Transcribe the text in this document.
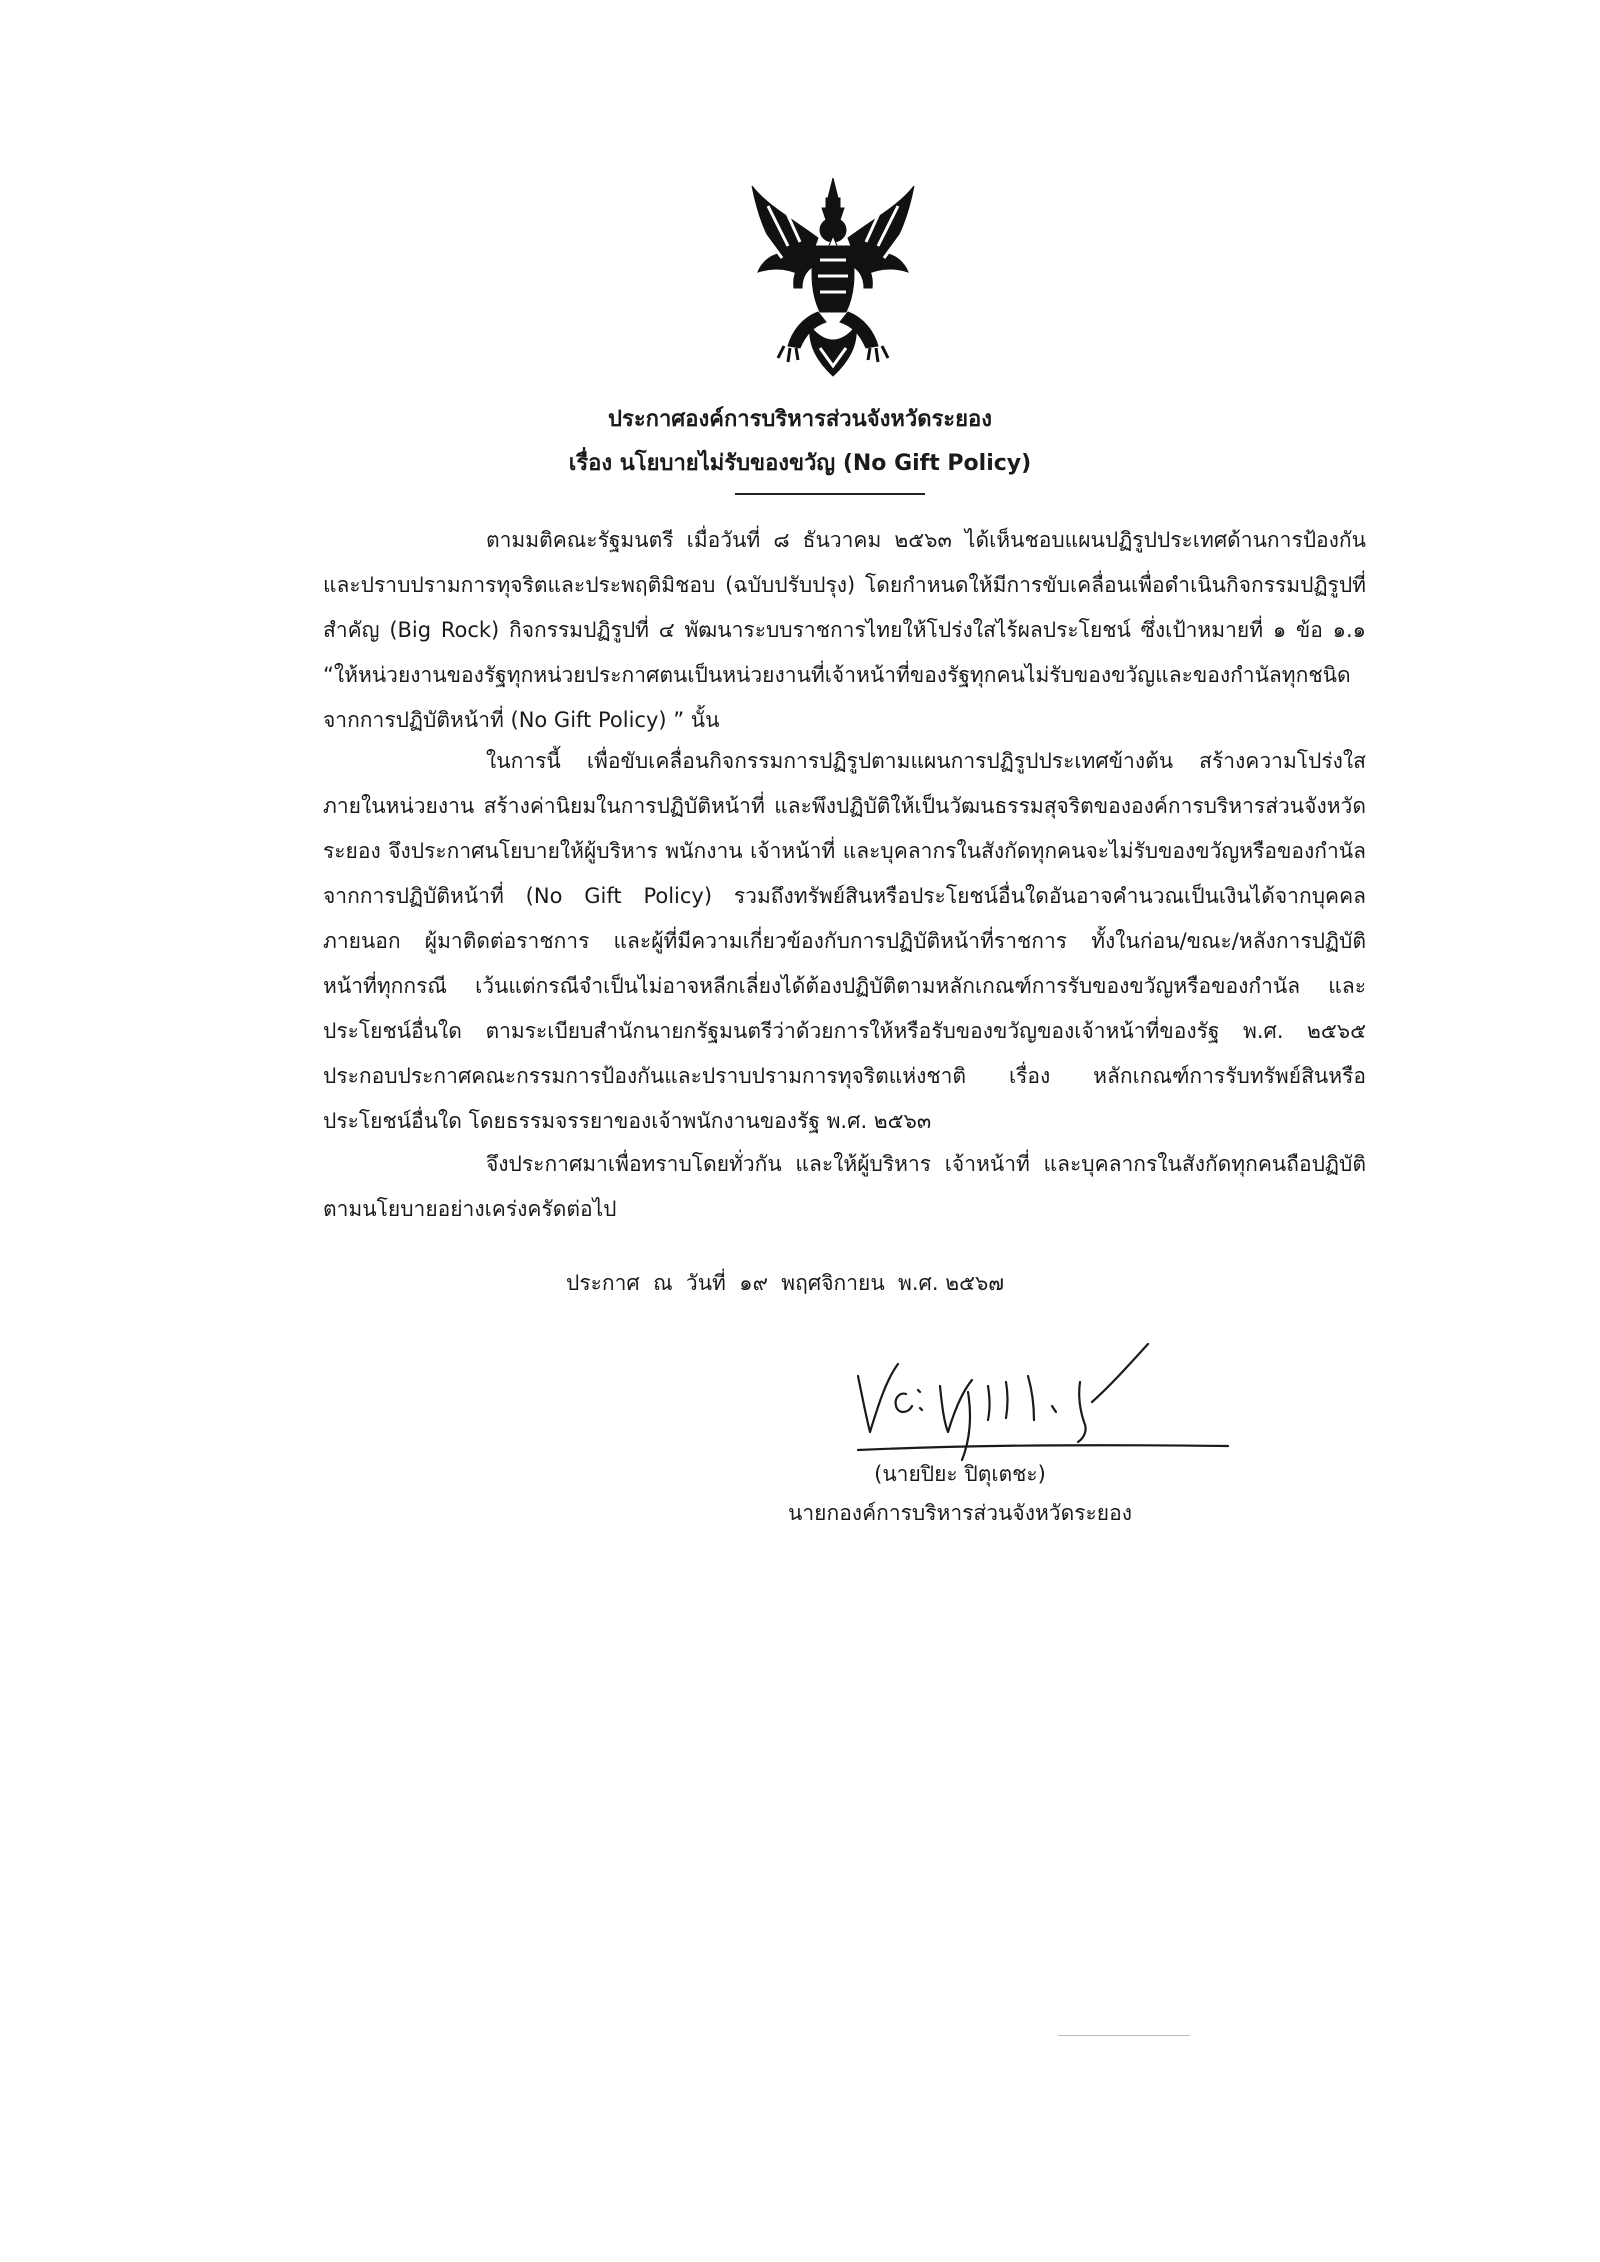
ประกาศองค์การบริหารส่วนจังหวัดระยอง
เรื่อง นโยบายไม่รับของขวัญ (No Gift Policy)

ตามมติคณะรัฐมนตรี เมื่อวันที่ ๘ ธันวาคม ๒๕๖๓ ได้เห็นชอบแผนปฏิรูปประเทศด้านการป้องกันและปราบปรามการทุจริตและประพฤติมิชอบ (ฉบับปรับปรุง) โดยกำหนดให้มีการขับเคลื่อนเพื่อดำเนินกิจกรรมปฏิรูปที่สำคัญ (Big Rock) กิจกรรมปฏิรูปที่ ๔ พัฒนาระบบราชการไทยให้โปร่งใสไร้ผลประโยชน์ ซึ่งเป้าหมายที่ ๑ ข้อ ๑.๑ “ให้หน่วยงานของรัฐทุกหน่วยประกาศตนเป็นหน่วยงานที่เจ้าหน้าที่ของรัฐทุกคนไม่รับของขวัญและของกำนัลทุกชนิดจากการปฏิบัติหน้าที่ (No Gift Policy) ” นั้น

ในการนี้ เพื่อขับเคลื่อนกิจกรรมการปฏิรูปตามแผนการปฏิรูปประเทศข้างต้น สร้างความโปร่งใสภายในหน่วยงาน สร้างค่านิยมในการปฏิบัติหน้าที่ และพึงปฏิบัติให้เป็นวัฒนธรรมสุจริตขององค์การบริหารส่วนจังหวัดระยอง จึงประกาศนโยบายให้ผู้บริหาร พนักงาน เจ้าหน้าที่ และบุคลากรในสังกัดทุกคนจะไม่รับของขวัญหรือของกำนัลจากการปฏิบัติหน้าที่ (No Gift Policy) รวมถึงทรัพย์สินหรือประโยชน์อื่นใดอันอาจคำนวณเป็นเงินได้จากบุคคลภายนอก ผู้มาติดต่อราชการ และผู้ที่มีความเกี่ยวข้องกับการปฏิบัติหน้าที่ราชการ ทั้งในก่อน/ขณะ/หลังการปฏิบัติหน้าที่ทุกกรณี เว้นแต่กรณีจำเป็นไม่อาจหลีกเลี่ยงได้ต้องปฏิบัติตามหลักเกณฑ์การรับของขวัญหรือของกำนัล และประโยชน์อื่นใด ตามระเบียบสำนักนายกรัฐมนตรีว่าด้วยการให้หรือรับของขวัญของเจ้าหน้าที่ของรัฐ พ.ศ. ๒๕๖๕ ประกอบประกาศคณะกรรมการป้องกันและปราบปรามการทุจริตแห่งชาติ เรื่อง หลักเกณฑ์การรับทรัพย์สินหรือประโยชน์อื่นใด โดยธรรมจรรยาของเจ้าพนักงานของรัฐ พ.ศ. ๒๕๖๓

จึงประกาศมาเพื่อทราบโดยทั่วกัน และให้ผู้บริหาร เจ้าหน้าที่ และบุคลากรในสังกัดทุกคนถือปฏิบัติตามนโยบายอย่างเคร่งครัดต่อไป

ประกาศ  ณ  วันที่  ๑๙  พฤศจิกายน  พ.ศ. ๒๕๖๗
(นายปิยะ ปิตุเตชะ)
นายกองค์การบริหารส่วนจังหวัดระยอง
